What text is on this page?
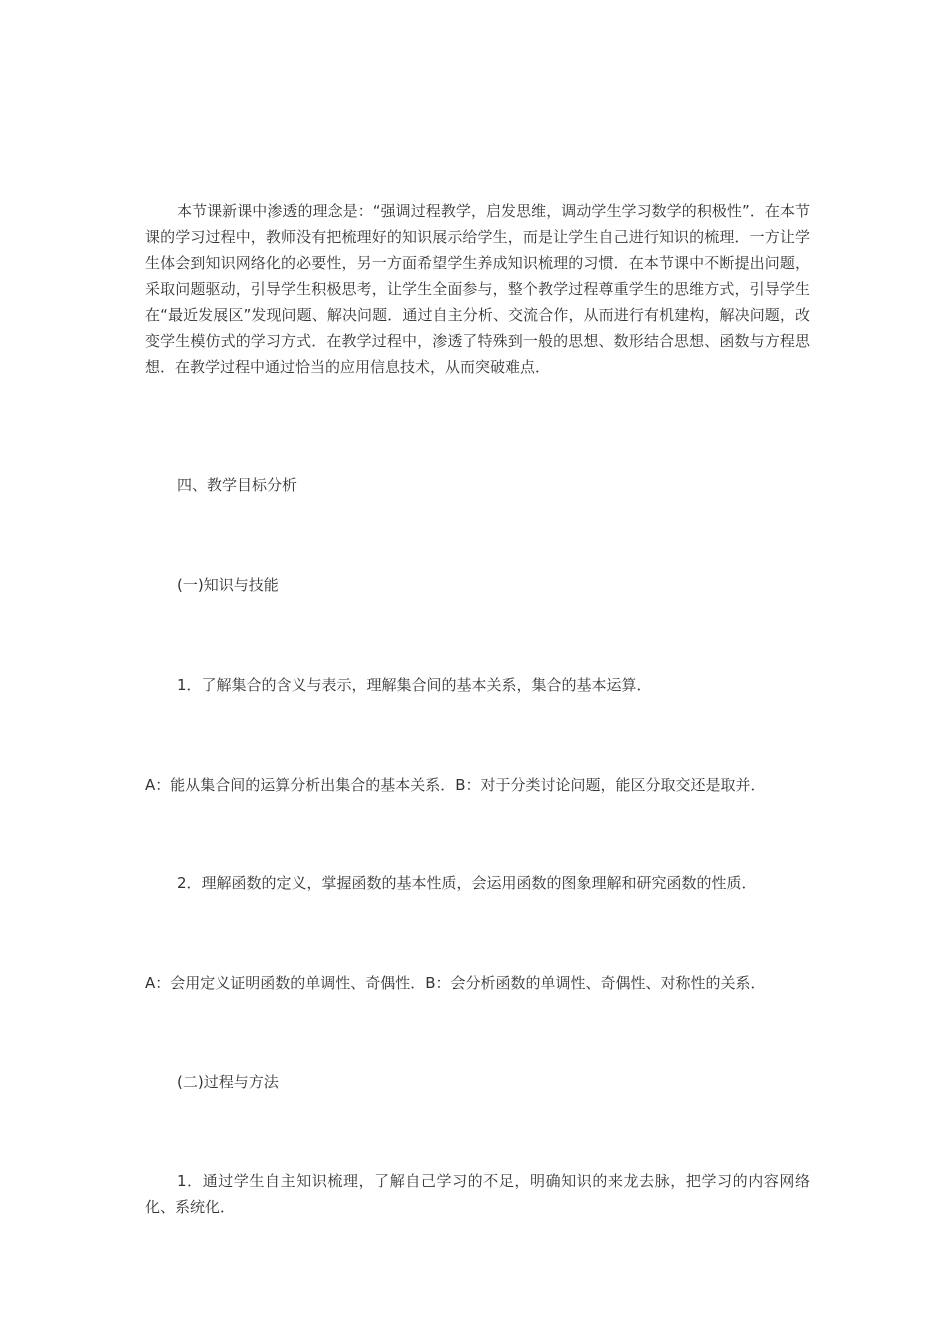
本节课新课中渗透的理念是：“强调过程教学，启发思维，调动学生学习数学的积极性”．在本节课的学习过程中，教师没有把梳理好的知识展示给学生，而是让学生自己进行知识的梳理．一方让学生体会到知识网络化的必要性，另一方面希望学生养成知识梳理的习惯．在本节课中不断提出问题，采取问题驱动，引导学生积极思考，让学生全面参与，整个教学过程尊重学生的思维方式，引导学生在“最近发展区”发现问题、解决问题．通过自主分析、交流合作，从而进行有机建构，解决问题，改变学生模仿式的学习方式．在教学过程中，渗透了特殊到一般的思想、数形结合思想、函数与方程思想．在教学过程中通过恰当的应用信息技术，从而突破难点．

四、教学目标分析

(一)知识与技能

1．了解集合的含义与表示，理解集合间的基本关系，集合的基本运算．

A：能从集合间的运算分析出集合的基本关系．B：对于分类讨论问题，能区分取交还是取并．

2．理解函数的定义，掌握函数的基本性质，会运用函数的图象理解和研究函数的性质．

A：会用定义证明函数的单调性、奇偶性．B：会分析函数的单调性、奇偶性、对称性的关系．

(二)过程与方法

1．通过学生自主知识梳理，了解自己学习的不足，明确知识的来龙去脉，把学习的内容网络化、系统化．
